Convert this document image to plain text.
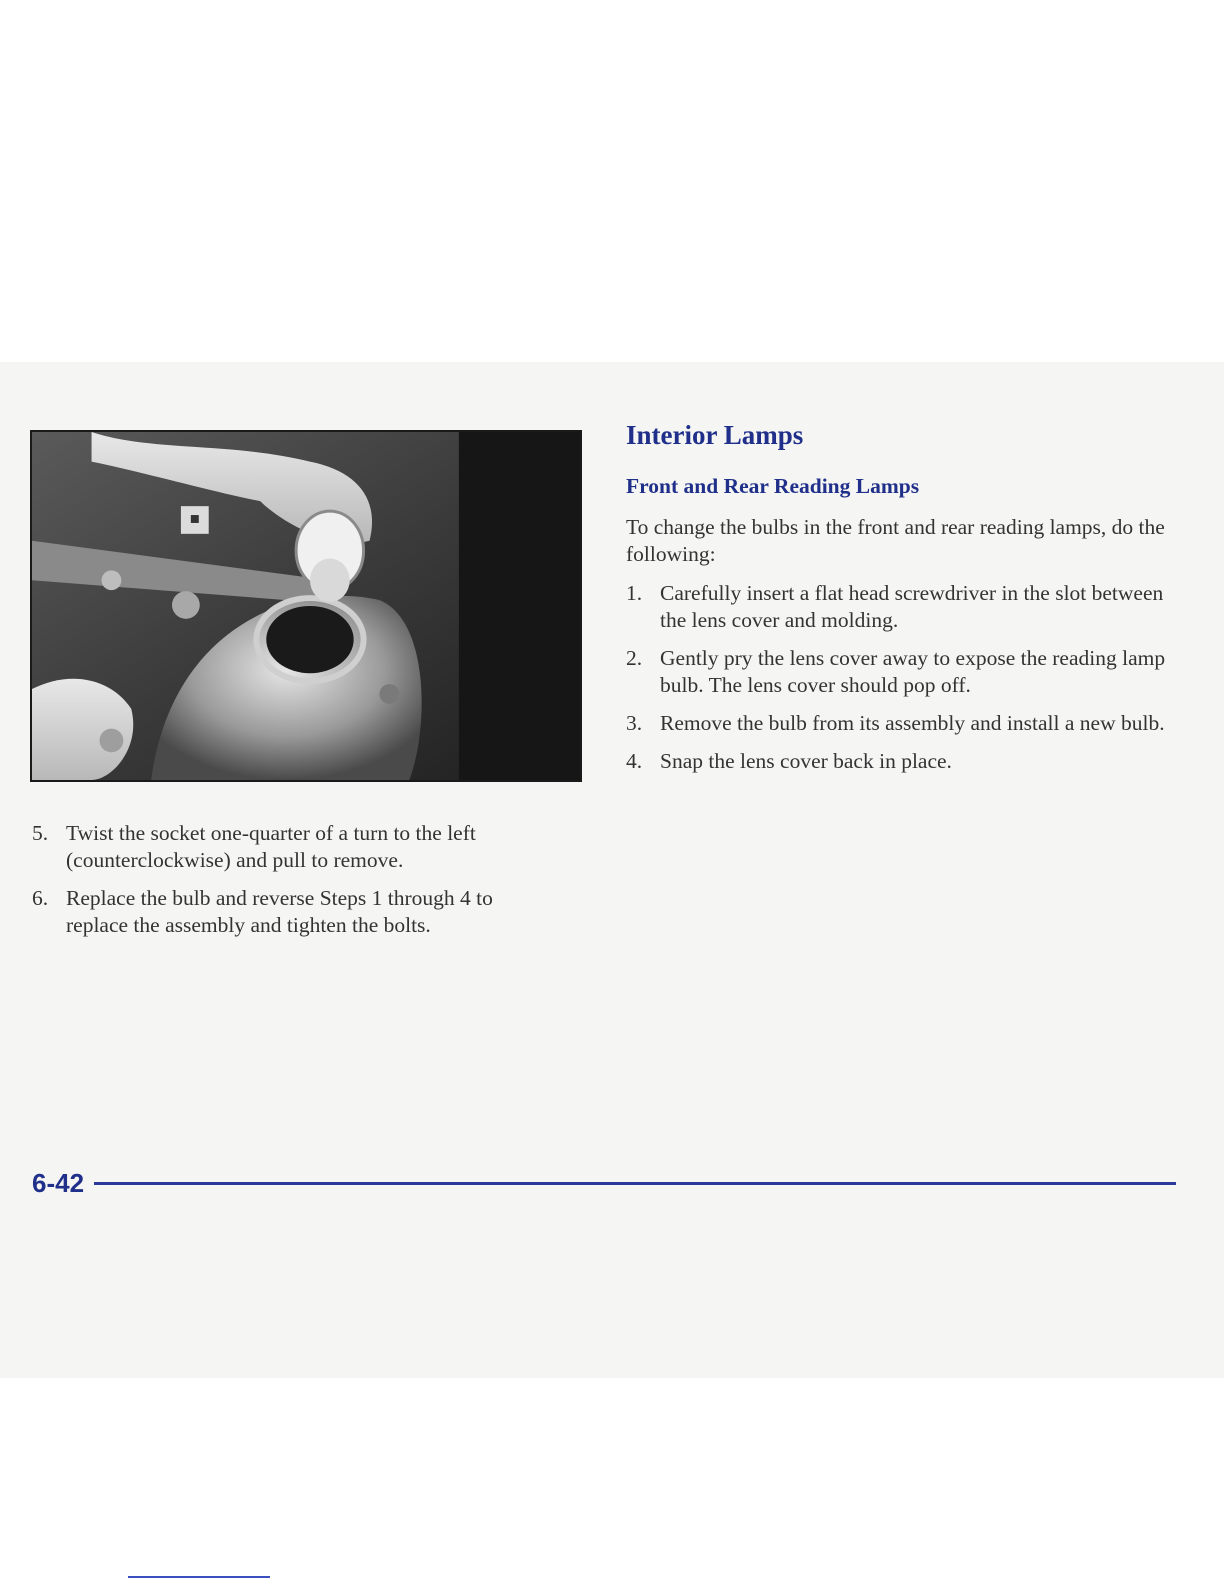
5. Twist the socket one-quarter of a turn to the left (counterclockwise) and pull to remove.
6. Replace the bulb and reverse Steps 1 through 4 to replace the assembly and tighten the bolts.
Interior Lamps
Front and Rear Reading Lamps

To change the bulbs in the front and rear reading lamps, do the following:

1. Carefully insert a flat head screwdriver in the slot between the lens cover and molding.
2. Gently pry the lens cover away to expose the reading lamp bulb. The lens cover should pop off.
3. Remove the bulb from its assembly and install a new bulb.
4. Snap the lens cover back in place.
6-42
